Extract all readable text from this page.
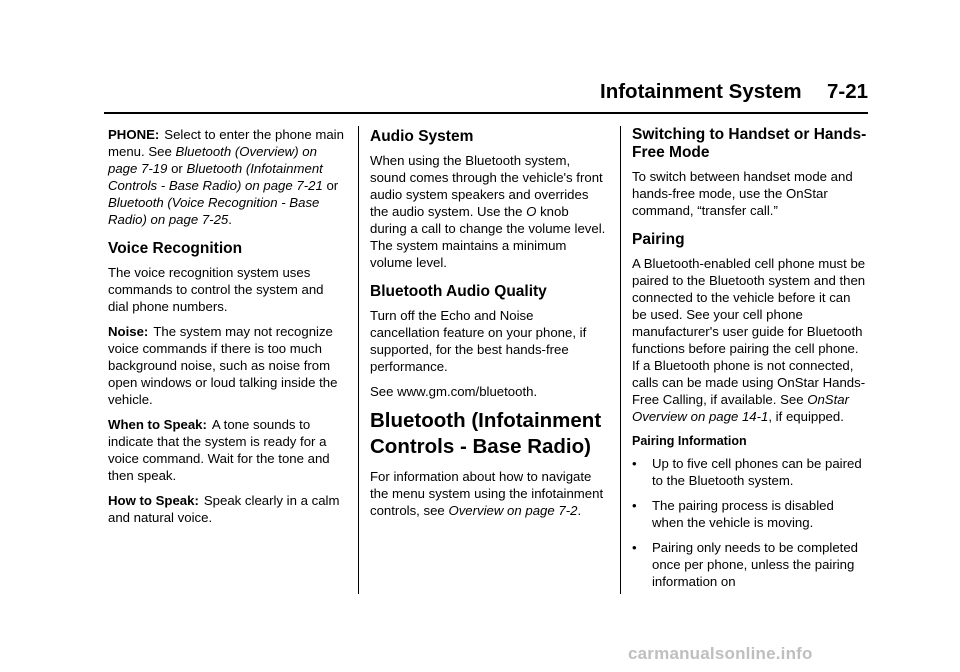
Infotainment System 7-21

PHONE: Select to enter the phone main menu. See Bluetooth (Overview) on page 7-19 or Bluetooth (Infotainment Controls - Base Radio) on page 7-21 or Bluetooth (Voice Recognition - Base Radio) on page 7-25.

Voice Recognition

The voice recognition system uses commands to control the system and dial phone numbers.

Noise: The system may not recognize voice commands if there is too much background noise, such as noise from open windows or loud talking inside the vehicle.

When to Speak: A tone sounds to indicate that the system is ready for a voice command. Wait for the tone and then speak.

How to Speak: Speak clearly in a calm and natural voice.

Audio System

When using the Bluetooth system, sound comes through the vehicle's front audio system speakers and overrides the audio system. Use the O knob during a call to change the volume level. The system maintains a minimum volume level.

Bluetooth Audio Quality

Turn off the Echo and Noise cancellation feature on your phone, if supported, for the best hands-free performance.

See www.gm.com/bluetooth.

Bluetooth (Infotainment Controls - Base Radio)

For information about how to navigate the menu system using the infotainment controls, see Overview on page 7-2.

Switching to Handset or Hands-Free Mode

To switch between handset mode and hands-free mode, use the OnStar command, “transfer call.”

Pairing

A Bluetooth-enabled cell phone must be paired to the Bluetooth system and then connected to the vehicle before it can be used. See your cell phone manufacturer's user guide for Bluetooth functions before pairing the cell phone. If a Bluetooth phone is not connected, calls can be made using OnStar Hands-Free Calling, if available. See OnStar Overview on page 14-1, if equipped.

Pairing Information
• Up to five cell phones can be paired to the Bluetooth system.
• The pairing process is disabled when the vehicle is moving.
• Pairing only needs to be completed once per phone, unless the pairing information on
carmanualsonline.info
